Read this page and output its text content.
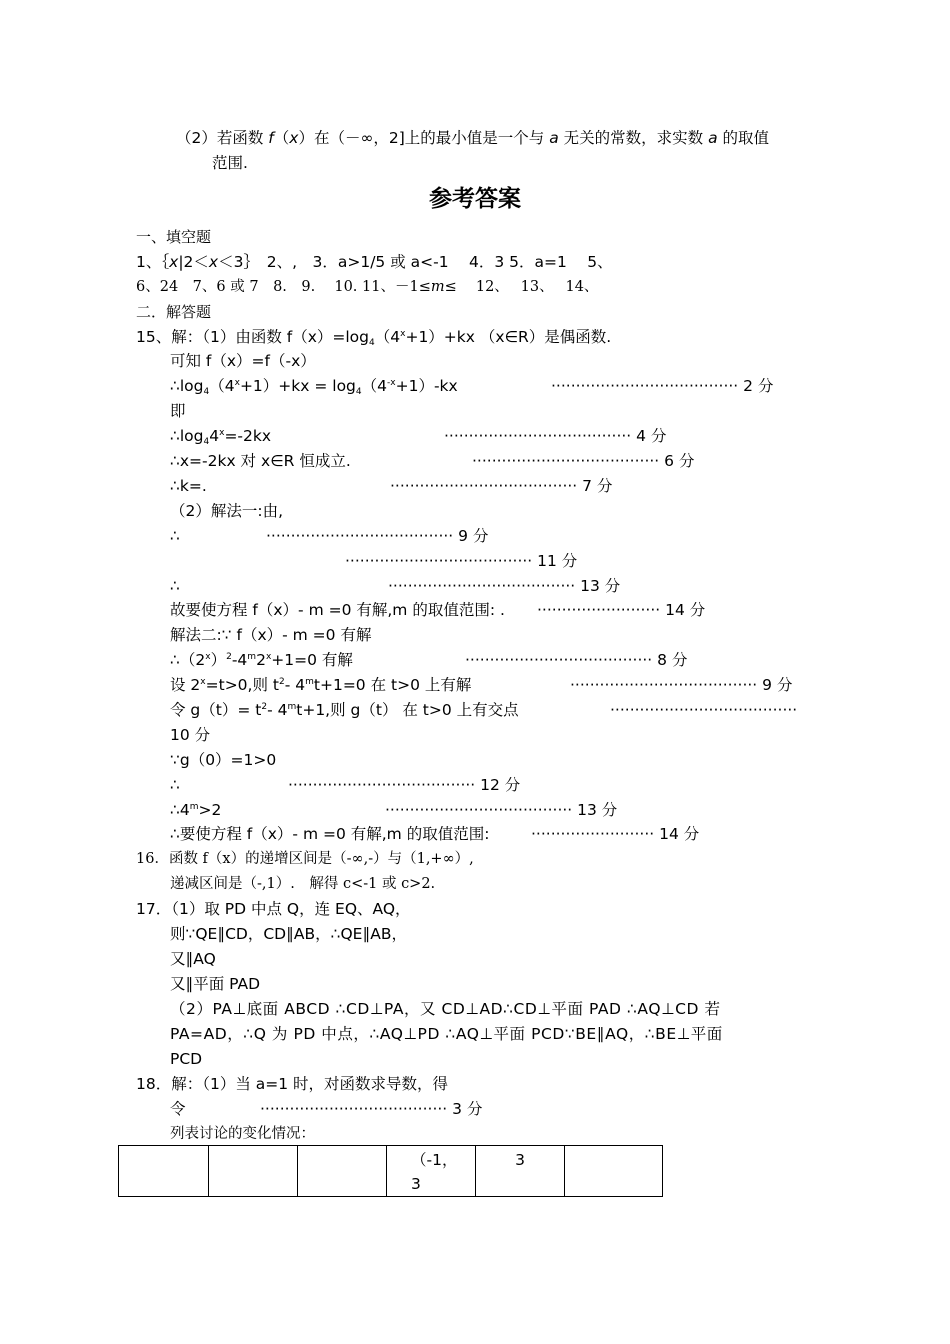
（2）若函数 f（x）在（－∞，2]上的最小值是一个与 a 无关的常数，求实数 a 的取值
范围.
参考答案
一、填空题
1、｛x|2＜x＜3｝　2、,　3．a>1/5 或 a<-1　 4．3 5．a=1　 5、
6、24　7、6 或 7　8.　9.　 10. 11、－1≤m≤　 12、　 13、　 14、
二．解答题
15、解：（1）由函数 $f(x)=\log_4(4^x+1)+kx$ （x∈R）是偶函数.
可知 f（x）=f（-x）
$\therefore\log_4(4^x+1)+kx = \log_4(4^{-x}+1)-kx$	······································ 2 分
即
$\therefore\log_44^x=-2kx$	······································ 4 分
∴x=-2kx 对 x∈R 恒成立.	······································ 6 分
∴k=.	······································ 7 分
（2）解法一:由,
∴	······································ 9 分
······································ 11 分
∴	······································ 13 分
故要使方程 f（x）- m =0 有解,m 的取值范围: . ························· 14 分
解法二:∵ f（x）- m =0 有解
$\therefore(2^x)^2-4^m2^x+1=0$ 有解	······································ 8 分
设 $2^x=t>0$,则 $t^2-$ $4^mt+1=0$ 在 t>0 上有解	······································ 9 分
令 $g(t)= t^2-$ $4^mt+1$,则 g（t） 在 t>0 上有交点	······································
10 分
∵g（0）=1>0
∴	······································ 12 分
$\therefore 4^m>2$	······································ 13 分
∴要使方程 f（x）- m =0 有解,m 的取值范围:	························· 14 分
16．函数 f（x）的递增区间是（-∞,-）与（1,+∞）,
递减区间是（-,1）.　解得 c<-1 或 c>2.
17．（1）取 PD 中点 Q，连 EQ、AQ，
则∵QE∥CD，CD∥AB，∴QE∥AB，
又∥AQ
又∥平面 PAD
（2）PA⊥底面 ABCD ∴CD⊥PA，又 CD⊥AD∴CD⊥平面 PAD ∴AQ⊥CD 若
PA=AD，∴Q 为 PD 中点，∴AQ⊥PD ∴AQ⊥平面 PCD∵BE∥AQ，∴BE⊥平面
PCD
18．解：（1）当 a=1 时，对函数求导数，得
令	······································ 3 分
列表讨论的变化情况：
			（-1，3	3	
